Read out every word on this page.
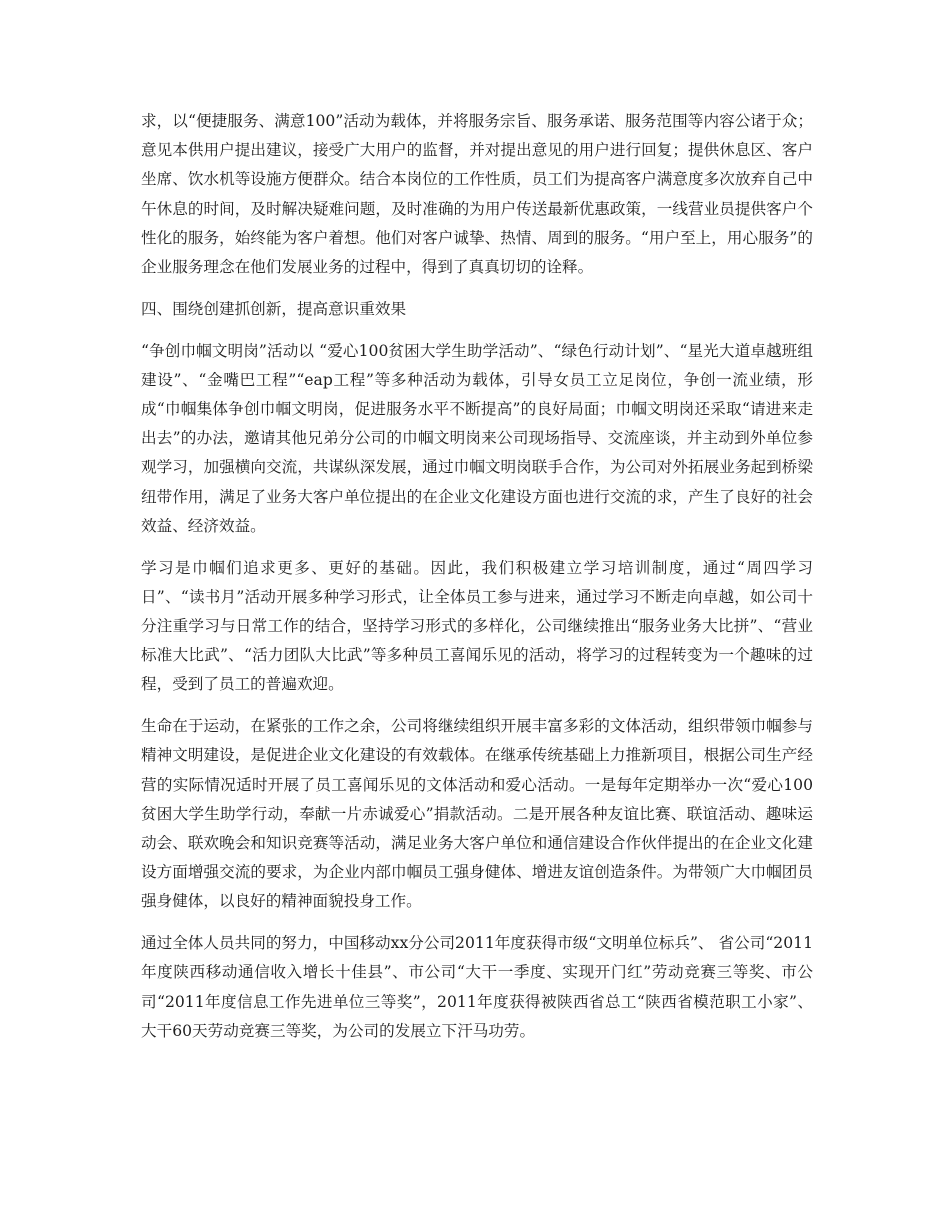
求，以“便捷服务、满意100”活动为载体，并将服务宗旨、服务承诺、服务范围等内容公诸于众；意见本供用户提出建议，接受广大用户的监督，并对提出意见的用户进行回复；提供休息区、客户坐席、饮水机等设施方便群众。结合本岗位的工作性质，员工们为提高客户满意度多次放弃自己中午休息的时间，及时解决疑难问题，及时准确的为用户传送最新优惠政策，一线营业员提供客户个性化的服务，始终能为客户着想。他们对客户诚挚、热情、周到的服务。“用户至上，用心服务”的企业服务理念在他们发展业务的过程中，得到了真真切切的诠释。

四、围绕创建抓创新，提高意识重效果

“争创巾帼文明岗”活动以 “爱心100贫困大学生助学活动”、“绿色行动计划”、“星光大道卓越班组建设”、“金嘴巴工程”“eap工程”等多种活动为载体，引导女员工立足岗位，争创一流业绩，形成“巾帼集体争创巾帼文明岗，促进服务水平不断提高”的良好局面；巾帼文明岗还采取“请进来走出去”的办法，邀请其他兄弟分公司的巾帼文明岗来公司现场指导、交流座谈，并主动到外单位参观学习，加强横向交流，共谋纵深发展，通过巾帼文明岗联手合作，为公司对外拓展业务起到桥梁纽带作用，满足了业务大客户单位提出的在企业文化建设方面也进行交流的求，产生了良好的社会效益、经济效益。

学习是巾帼们追求更多、更好的基础。因此，我们积极建立学习培训制度，通过“周四学习日”、“读书月”活动开展多种学习形式，让全体员工参与进来，通过学习不断走向卓越，如公司十分注重学习与日常工作的结合，坚持学习形式的多样化，公司继续推出“服务业务大比拼”、“营业标准大比武”、“活力团队大比武”等多种员工喜闻乐见的活动，将学习的过程转变为一个趣味的过程，受到了员工的普遍欢迎。

生命在于运动，在紧张的工作之余，公司将继续组织开展丰富多彩的文体活动，组织带领巾帼参与精神文明建设，是促进企业文化建设的有效载体。在继承传统基础上力推新项目，根据公司生产经营的实际情况适时开展了员工喜闻乐见的文体活动和爱心活动。一是每年定期举办一次“爱心100贫困大学生助学行动，奉献一片赤诚爱心”捐款活动。二是开展各种友谊比赛、联谊活动、趣味运动会、联欢晚会和知识竞赛等活动，满足业务大客户单位和通信建设合作伙伴提出的在企业文化建设方面增强交流的要求，为企业内部巾帼员工强身健体、增进友谊创造条件。为带领广大巾帼团员强身健体，以良好的精神面貌投身工作。

通过全体人员共同的努力，中国移动xx分公司2011年度获得市级“文明单位标兵”、 省公司“2011年度陕西移动通信收入增长十佳县”、市公司“大干一季度、实现开门红”劳动竞赛三等奖、市公司“2011年度信息工作先进单位三等奖”，2011年度获得被陕西省总工“陕西省模范职工小家”、大干60天劳动竞赛三等奖，为公司的发展立下汗马功劳。
